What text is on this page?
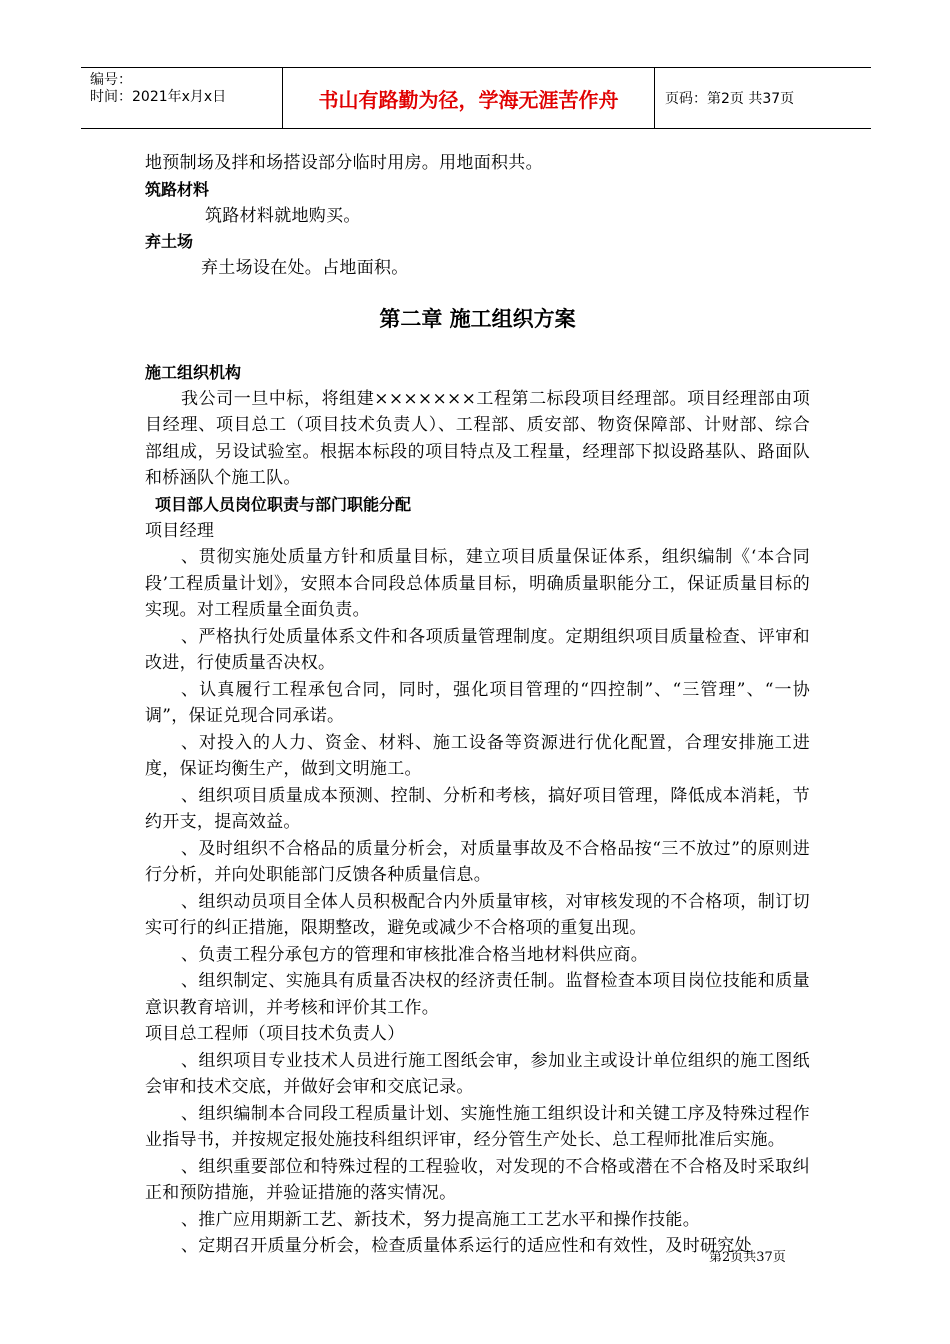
编号：
时间：2021年x月x日	书山有路勤为径，学海无涯苦作舟	页码：第2页 共37页

地预制场及拌和场搭设部分临时用房。用地面积共。

筑路材料

筑路材料就地购买。

弃土场

弃土场设在处。占地面积。

第二章 施工组织方案

施工组织机构

我公司一旦中标，将组建×××××××工程第二标段项目经理部。项目经理部由项目经理、项目总工（项目技术负责人）、工程部、质安部、物资保障部、计财部、综合部组成，另设试验室。根据本标段的项目特点及工程量，经理部下拟设路基队、路面队和桥涵队个施工队。

项目部人员岗位职责与部门职能分配

项目经理

、贯彻实施处质量方针和质量目标，建立项目质量保证体系，组织编制《‘本合同段’工程质量计划》，安照本合同段总体质量目标，明确质量职能分工，保证质量目标的实现。对工程质量全面负责。

、严格执行处质量体系文件和各项质量管理制度。定期组织项目质量检查、评审和改进，行使质量否决权。

、认真履行工程承包合同，同时，强化项目管理的“四控制”、“三管理”、“一协调”，保证兑现合同承诺。

、对投入的人力、资金、材料、施工设备等资源进行优化配置，合理安排施工进度，保证均衡生产，做到文明施工。

、组织项目质量成本预测、控制、分析和考核，搞好项目管理，降低成本消耗，节约开支，提高效益。

、及时组织不合格品的质量分析会，对质量事故及不合格品按“三不放过”的原则进行分析，并向处职能部门反馈各种质量信息。

、组织动员项目全体人员积极配合内外质量审核，对审核发现的不合格项，制订切实可行的纠正措施，限期整改，避免或减少不合格项的重复出现。

、负责工程分承包方的管理和审核批准合格当地材料供应商。

、组织制定、实施具有质量否决权的经济责任制。监督检查本项目岗位技能和质量意识教育培训，并考核和评价其工作。

项目总工程师（项目技术负责人）

、组织项目专业技术人员进行施工图纸会审，参加业主或设计单位组织的施工图纸会审和技术交底，并做好会审和交底记录。

、组织编制本合同段工程质量计划、实施性施工组织设计和关键工序及特殊过程作业指导书，并按规定报处施技科组织评审，经分管生产处长、总工程师批准后实施。

、组织重要部位和特殊过程的工程验收，对发现的不合格或潜在不合格及时采取纠正和预防措施，并验证措施的落实情况。

、推广应用期新工艺、新技术，努力提高施工工艺水平和操作技能。

、定期召开质量分析会，检查质量体系运行的适应性和有效性，及时研究处

第2页共37页
